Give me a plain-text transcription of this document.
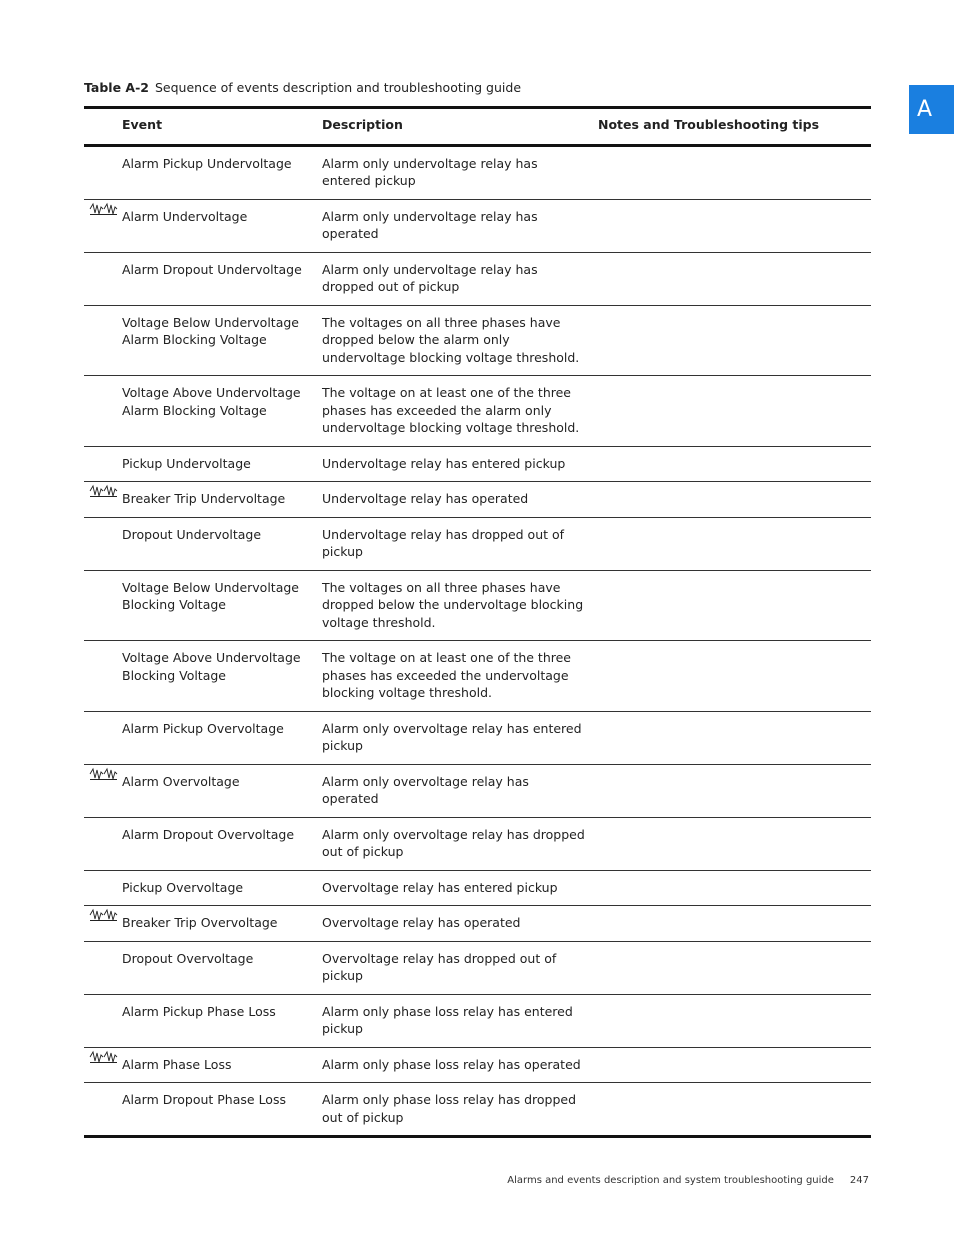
Table A-2 Sequence of events description and troubleshooting guide
A
	Event	Description	Notes and Troubleshooting tips
	Alarm Pickup Undervoltage	Alarm only undervoltage relay has entered pickup	

	Alarm Undervoltage	Alarm only undervoltage relay has operated	
	Alarm Dropout Undervoltage	Alarm only undervoltage relay has dropped out of pickup	
	Voltage Below Undervoltage Alarm Blocking Voltage	The voltages on all three phases have dropped below the alarm only undervoltage blocking voltage threshold.	
	Voltage Above Undervoltage Alarm Blocking Voltage	The voltage on at least one of the three phases has exceeded the alarm only undervoltage blocking voltage threshold.	
	Pickup Undervoltage	Undervoltage relay has entered pickup	

	Breaker Trip Undervoltage	Undervoltage relay has operated	
	Dropout Undervoltage	Undervoltage relay has dropped out of pickup	
	Voltage Below Undervoltage Blocking Voltage	The voltages on all three phases have dropped below the undervoltage blocking voltage threshold.	
	Voltage Above Undervoltage Blocking Voltage	The voltage on at least one of the three phases has exceeded the undervoltage blocking voltage threshold.	
	Alarm Pickup Overvoltage	Alarm only overvoltage relay has entered pickup	

	Alarm Overvoltage	Alarm only overvoltage relay has operated	
	Alarm Dropout Overvoltage	Alarm only overvoltage relay has dropped out of pickup	
	Pickup Overvoltage	Overvoltage relay has entered pickup	

	Breaker Trip Overvoltage	Overvoltage relay has operated	
	Dropout Overvoltage	Overvoltage relay has dropped out of pickup	
	Alarm Pickup Phase Loss	Alarm only phase loss relay has entered pickup	

	Alarm Phase Loss	Alarm only phase loss relay has operated	
	Alarm Dropout Phase Loss	Alarm only phase loss relay has dropped out of pickup	
Alarms and events description and system troubleshooting guide 247
